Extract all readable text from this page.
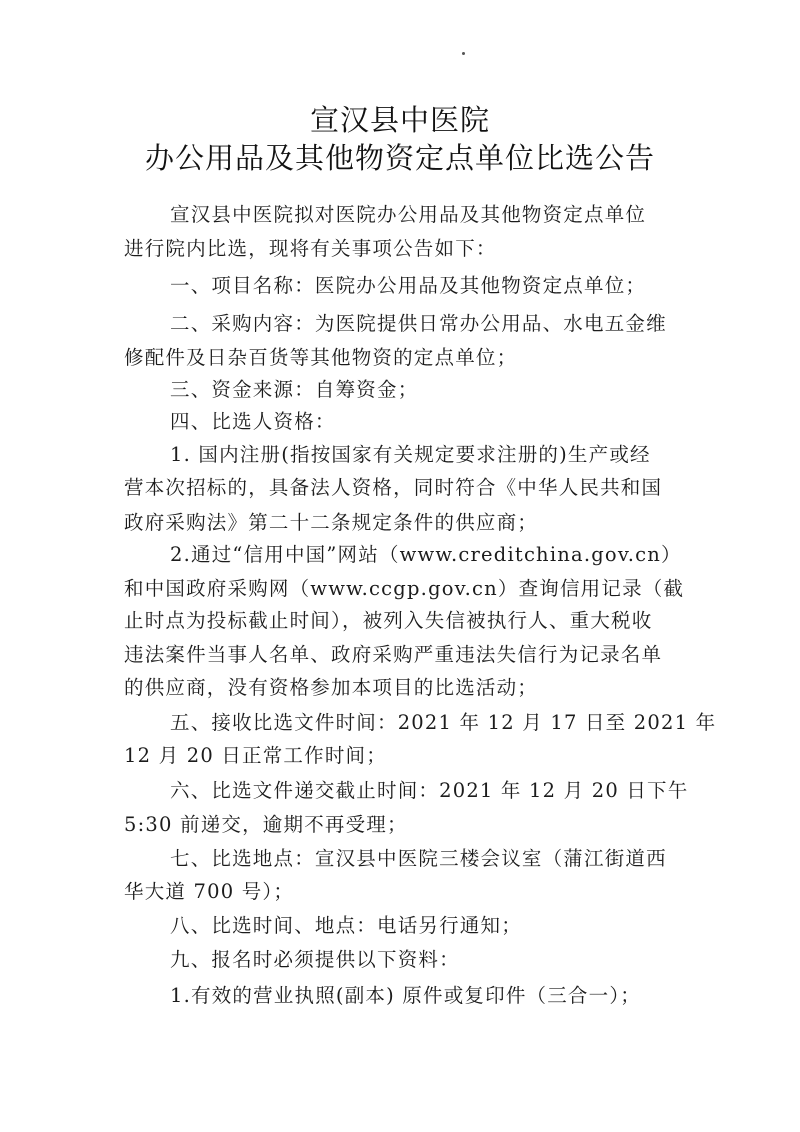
宣汉县中医院
办公用品及其他物资定点单位比选公告
宣汉县中医院拟对医院办公用品及其他物资定点单位
进行院内比选，现将有关事项公告如下：
一、项目名称：医院办公用品及其他物资定点单位；
二、采购内容：为医院提供日常办公用品、水电五金维
修配件及日杂百货等其他物资的定点单位；
三、资金来源：自筹资金；
四、比选人资格：
1. 国内注册(指按国家有关规定要求注册的)生产或经
营本次招标的，具备法人资格，同时符合《中华人民共和国
政府采购法》第二十二条规定条件的供应商；
2.通过“信用中国”网站（www.creditchina.gov.cn）
和中国政府采购网（www.ccgp.gov.cn）查询信用记录（截
止时点为投标截止时间），被列入失信被执行人、重大税收
违法案件当事人名单、政府采购严重违法失信行为记录名单
的供应商，没有资格参加本项目的比选活动；
五、接收比选文件时间：2021 年 12 月 17 日至 2021 年
12 月 20 日正常工作时间；
六、比选文件递交截止时间：2021 年 12 月 20 日下午
5:30 前递交，逾期不再受理；
七、比选地点：宣汉县中医院三楼会议室（蒲江街道西
华大道 700 号）；
八、比选时间、地点：电话另行通知；
九、报名时必须提供以下资料：
1.有效的营业执照(副本) 原件或复印件（三合一）；
